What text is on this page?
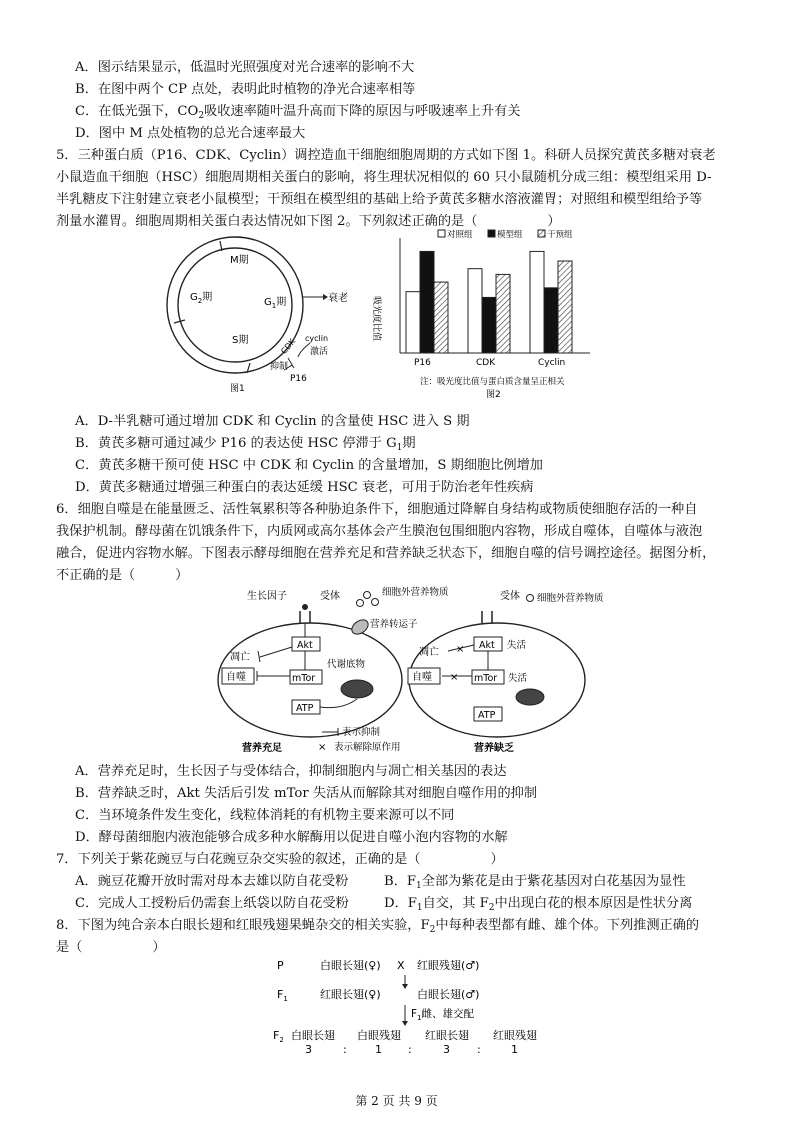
A．图示结果显示，低温时光照强度对光合速率的影响不大
B．在图中两个 CP 点处，表明此时植物的净光合速率相等
C．在低光强下，$CO_2$吸收速率随叶温升高而下降的原因与呼吸速率上升有关
D．图中 M 点处植物的总光合速率最大
5．三种蛋白质（P16、CDK、Cyclin）调控造血干细胞细胞周期的方式如下图 1。科研人员探究黄芪多糖对衰老
小鼠造血干细胞（HSC）细胞周期相关蛋白的影响，将生理状况相似的 60 只小鼠随机分成三组：模型组采用 D-
半乳糖皮下注射建立衰老小鼠模型；干预组在模型组的基础上给予黄芪多糖水溶液灌胃；对照组和模型组给予等
剂量水灌胃。细胞周期相关蛋白表达情况如下图 2。下列叙述正确的是（	）
M期
$G_2$期	$G_1$期
S期
衰老
cyclin
CDK 激活
抑制
P16
图1
对照组	模型组	干预组
吸光度比值
P16	CDK	Cyclin
注：吸光度比值与蛋白质含量呈正相关
图2
A．D-半乳糖可通过增加 CDK 和 Cyclin 的含量使 HSC 进入 S 期
B．黄芪多糖可通过减少 P16 的表达使 HSC 停滞于 $G_1$期
C．黄芪多糖干预可使 HSC 中 CDK 和 Cyclin 的含量增加，S 期细胞比例增加
D．黄芪多糖通过增强三种蛋白的表达延缓 HSC 衰老，可用于防治老年性疾病
6．细胞自噬是在能量匮乏、活性氧累积等各种胁迫条件下，细胞通过降解自身结构或物质使细胞存活的一种自
我保护机制。酵母菌在饥饿条件下，内质网或高尔基体会产生膜泡包围细胞内容物，形成自噬体，自噬体与液泡
融合，促进内容物水解。下图表示酵母细胞在营养充足和营养缺乏状态下，细胞自噬的信号调控途径。据图分析，
不正确的是（	）
生长因子	受体	细胞外营养物质
营养转运子
Akt
凋亡
自噬	mTor
代谢底物
ATP
营养充足
表示抑制
表示解除原作用
×
受体 细胞外营养物质
Akt 失活
凋亡 ×
自噬	mTor 失活
×
ATP
营养缺乏
A．营养充足时，生长因子与受体结合，抑制细胞内与凋亡相关基因的表达
B．营养缺乏时，Akt 失活后引发 mTor 失活从而解除其对细胞自噬作用的抑制
C．当环境条件发生变化，线粒体消耗的有机物主要来源可以不同
D．酵母菌细胞内液泡能够合成多种水解酶用以促进自噬小泡内容物的水解
7．下列关于紫花豌豆与白花豌豆杂交实验的叙述，正确的是（	）
A．豌豆花瓣开放时需对母本去雄以防自花受粉	B．$F_1$全部为紫花是由于紫花基因对白花基因为显性
C．完成人工授粉后仍需套上纸袋以防自花受粉	D．$F_1$自交，其 $F_2$中出现白花的根本原因是性状分离
8．下图为纯合亲本白眼长翅和红眼残翅果蝇杂交的相关实验，$F_2$中每种表型都有雌、雄个体。下列推测正确的
是（	）
P	白眼长翅(♀) X 红眼残翅(♂)
$F_1$	红眼长翅(♀)	白眼长翅(♂)
$F_1$雌、雄交配
$F_2$ 白眼长翅 白眼残翅 红眼长翅 红眼残翅
3	:	1 :	3 :	1
第 2 页 共 9 页
